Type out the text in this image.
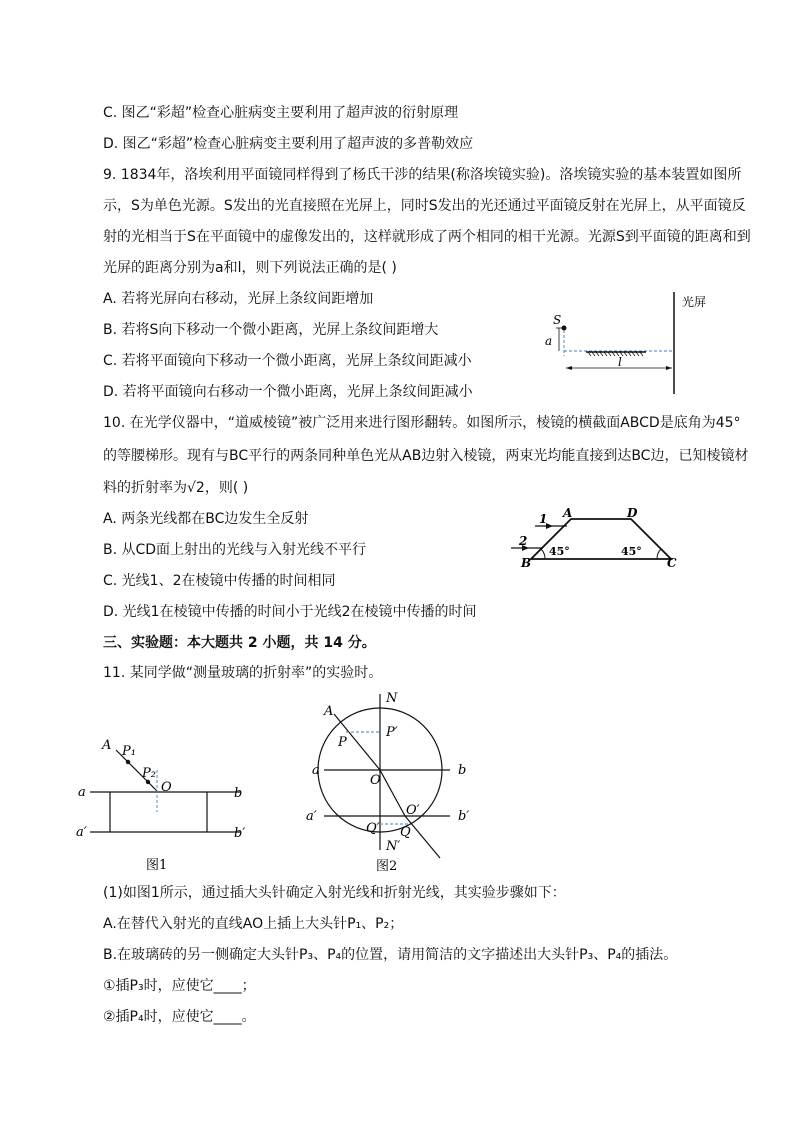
C. 图乙“彩超”检查心脏病变主要利用了超声波的衍射原理
D. 图乙“彩超”检查心脏病变主要利用了超声波的多普勒效应
9. 1834年，洛埃利用平面镜同样得到了杨氏干涉的结果(称洛埃镜实验)。洛埃镜实验的基本装置如图所
示，S为单色光源。S发出的光直接照在光屏上，同时S发出的光还通过平面镜反射在光屏上，从平面镜反
射的光相当于S在平面镜中的虚像发出的，这样就形成了两个相同的相干光源。光源S到平面镜的距离和到
光屏的距离分别为a和l，则下列说法正确的是( )
A. 若将光屏向右移动，光屏上条纹间距增加
B. 若将S向下移动一个微小距离，光屏上条纹间距增大
C. 若将平面镜向下移动一个微小距离，光屏上条纹间距减小
D. 若将平面镜向右移动一个微小距离，光屏上条纹间距减小
光屏
S
a
l
10. 在光学仪器中，“道威棱镜”被广泛用来进行图形翻转。如图所示，棱镜的横截面ABCD是底角为45°
的等腰梯形。现有与BC平行的两条同种单色光从AB边射入棱镜，两束光均能直接到达BC边，已知棱镜材
料的折射率为√2，则( )
A. 两条光线都在BC边发生全反射
B. 从CD面上射出的光线与入射光线不平行
C. 光线1、2在棱镜中传播的时间相同
D. 光线1在棱镜中传播的时间小于光线2在棱镜中传播的时间
1
2
A	D
B	C
45°	45°
三、实验题：本大题共 2 小题，共 14 分。
11. 某同学做“测量玻璃的折射率”的实验时。
A P₁
P₂
O
a	b
a′	b′
图1
N
A
P
P′
a	b
O
O′
a′	b′
Q′ Q
N′
图2
(1)如图1所示，通过插大头针确定入射光线和折射光线，其实验步骤如下：
A.在替代入射光的直线AO上插上大头针P₁、P₂；
B.在玻璃砖的另一侧确定大头针P₃、P₄的位置，请用简洁的文字描述出大头针P₃、P₄的插法。
①插P₃时，应使它____；
②插P₄时，应使它____。
